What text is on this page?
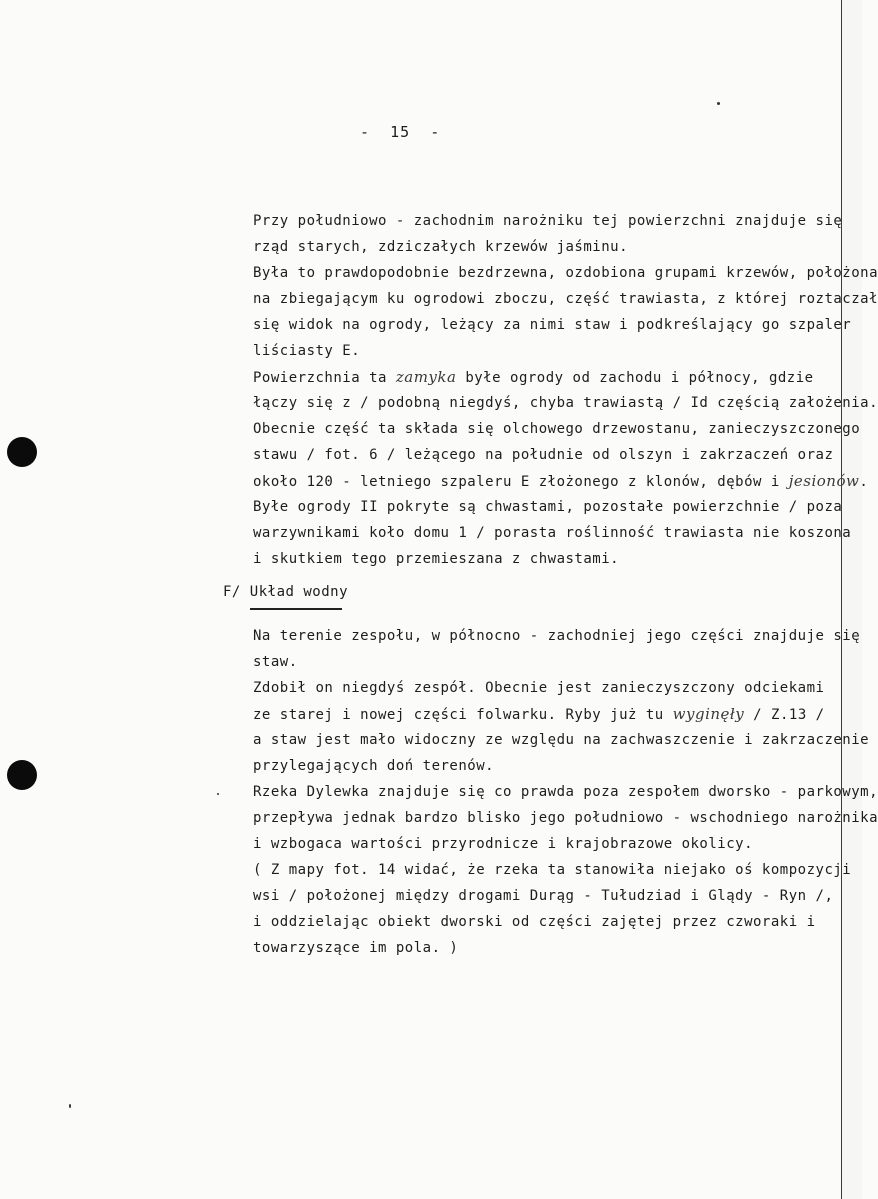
-  15  -
Przy południowo - zachodnim narożniku tej powierzchni znajduje się
rząd starych, zdziczałych krzewów jaśminu.
Była to prawdopodobnie bezdrzewna, ozdobiona grupami krzewów, położona
na zbiegającym ku ogrodowi zboczu, część trawiasta, z której roztaczał
się widok na ogrody, leżący za nimi staw i podkreślający go szpaler
liściasty E.
Powierzchnia ta zamyka byłe ogrody od zachodu i północy, gdzie
łączy się z / podobną niegdyś, chyba trawiastą / Id częścią założenia.
Obecnie część ta składa się olchowego drzewostanu, zanieczyszczonego
stawu / fot. 6 / leżącego na południe od olszyn i zakrzaczeń oraz
około 120 - letniego szpaleru E złożonego z klonów, dębów i jesionów.
Byłe ogrody II pokryte są chwastami, pozostałe powierzchnie / poza
warzywnikami koło domu 1 / porasta roślinność trawiasta nie koszona
i skutkiem tego przemieszana z chwastami.
F/ Układ wodny
Na terenie zespołu, w północno - zachodniej jego części znajduje się
staw.
Zdobił on niegdyś zespół. Obecnie jest zanieczyszczony odciekami
ze starej i nowej części folwarku. Ryby już tu wyginęły / Z.13 /
a staw jest mało widoczny ze względu na zachwaszczenie i zakrzaczenie
przylegających doń terenów.
Rzeka Dylewka znajduje się co prawda poza zespołem dworsko - parkowym,
przepływa jednak bardzo blisko jego południowo - wschodniego narożnika
i wzbogaca wartości przyrodnicze i krajobrazowe okolicy.
( Z mapy fot. 14 widać, że rzeka ta stanowiła niejako oś kompozycji
wsi / położonej między drogami Durąg - Tułudziad i Glądy - Ryn /,
i oddzielając obiekt dworski od części zajętej przez czworaki i
towarzyszące im pola. )
